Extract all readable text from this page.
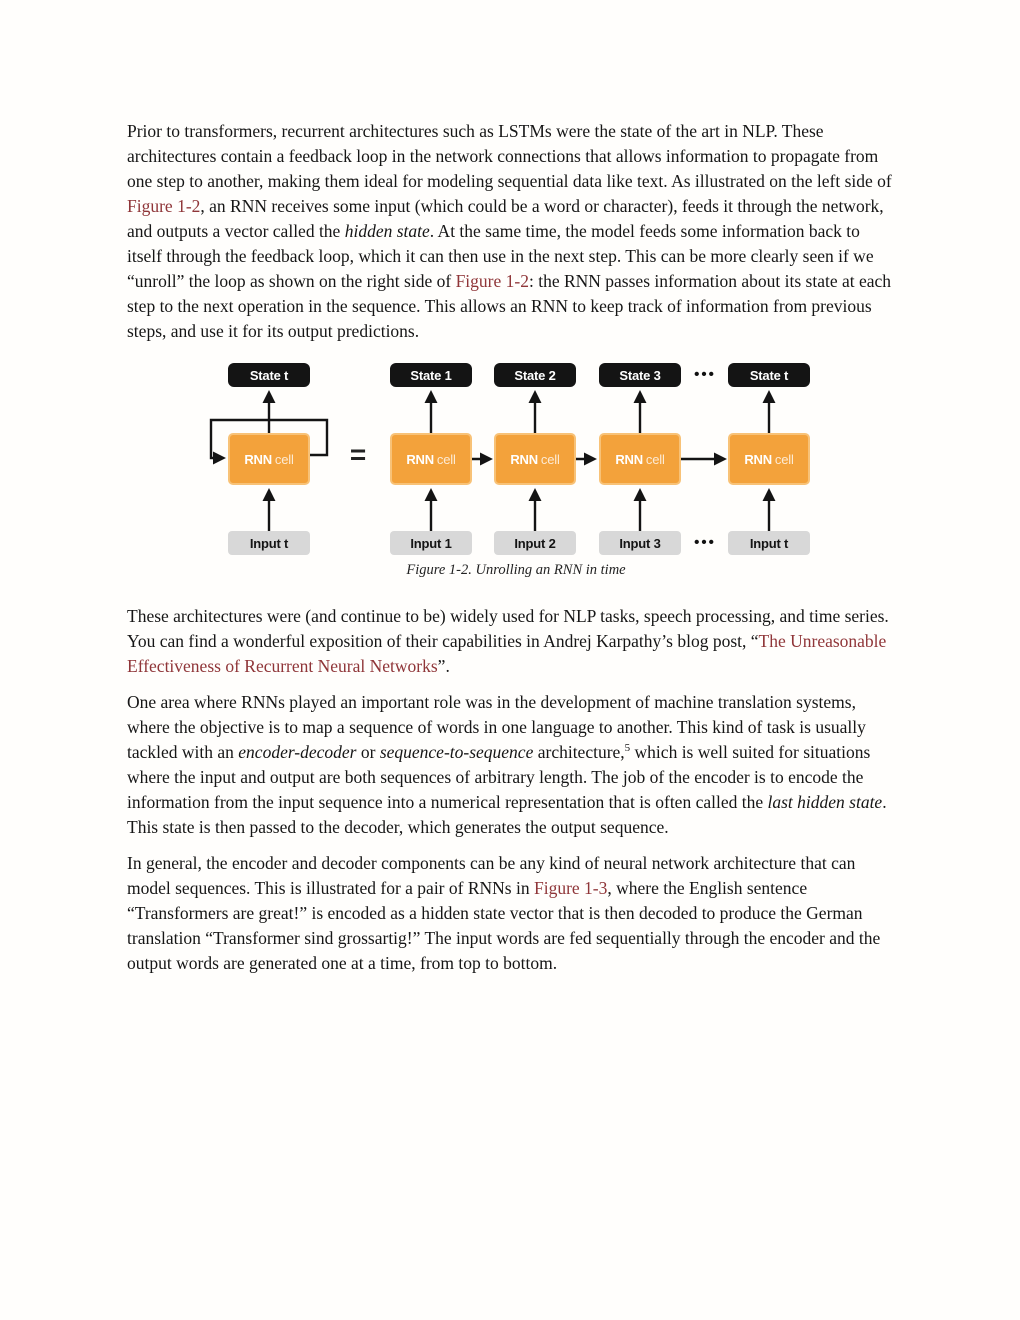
Prior to transformers, recurrent architectures such as LSTMs were the state of the art in NLP. These architectures contain a feedback loop in the network connections that allows information to propagate from one step to another, making them ideal for modeling sequential data like text. As illustrated on the left side of Figure 1-2, an RNN receives some input (which could be a word or character), feeds it through the network, and outputs a vector called the hidden state. At the same time, the model feeds some information back to itself through the feedback loop, which it can then use in the next step. This can be more clearly seen if we “unroll” the loop as shown on the right side of Figure 1-2: the RNN passes information about its state at each step to the next operation in the sequence. This allows an RNN to keep track of information from previous steps, and use it for its output predictions.

State t
RNN cell
Input t
=
State 1
RNN cell
Input 1
State 2
RNN cell
Input 2
State 3
RNN cell
Input 3
•••
•••
State t
RNN cell
Input t
Figure 1-2. Unrolling an RNN in time

These architectures were (and continue to be) widely used for NLP tasks, speech processing, and time series. You can find a wonderful exposition of their capabilities in Andrej Karpathy’s blog post, “The Unreasonable Effectiveness of Recurrent Neural Networks”.

One area where RNNs played an important role was in the development of machine translation systems, where the objective is to map a sequence of words in one language to another. This kind of task is usually tackled with an encoder-decoder or sequence-to-sequence architecture,$^5$ which is well suited for situations where the input and output are both sequences of arbitrary length. The job of the encoder is to encode the information from the input sequence into a numerical representation that is often called the last hidden state. This state is then passed to the decoder, which generates the output sequence.

In general, the encoder and decoder components can be any kind of neural network architecture that can model sequences. This is illustrated for a pair of RNNs in Figure 1-3, where the English sentence “Transformers are great!” is encoded as a hidden state vector that is then decoded to produce the German translation “Transformer sind grossartig!” The input words are fed sequentially through the encoder and the output words are generated one at a time, from top to bottom.
